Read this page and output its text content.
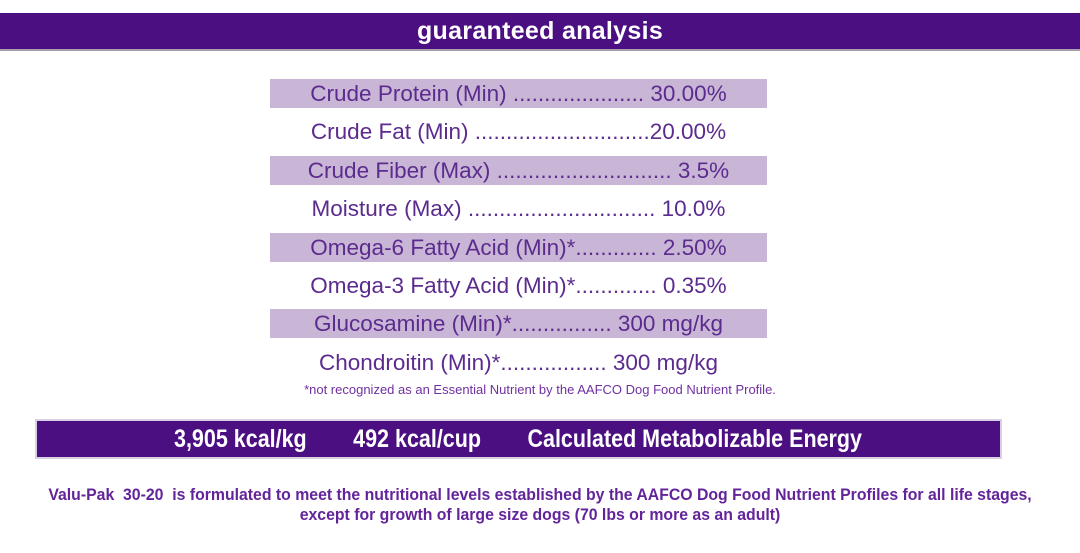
guaranteed analysis
Crude Protein (Min) ..................... 30.00%
Crude Fat (Min) ............................20.00%
Crude Fiber (Max) ............................ 3.5%
Moisture (Max) .............................. 10.0%
Omega-6 Fatty Acid (Min)*............. 2.50%
Omega-3 Fatty Acid (Min)*............. 0.35%
Glucosamine (Min)*................ 300 mg/kg
Chondroitin (Min)*................. 300 mg/kg
*not recognized as an Essential Nutrient by the AAFCO Dog Food Nutrient Profile.
3,905 kcal/kg 492 kcal/cup Calculated Metabolizable Energy
Valu-Pak  30-20  is formulated to meet the nutritional levels established by the AAFCO Dog Food Nutrient Profiles for all life stages,
except for growth of large size dogs (70 lbs or more as an adult)
